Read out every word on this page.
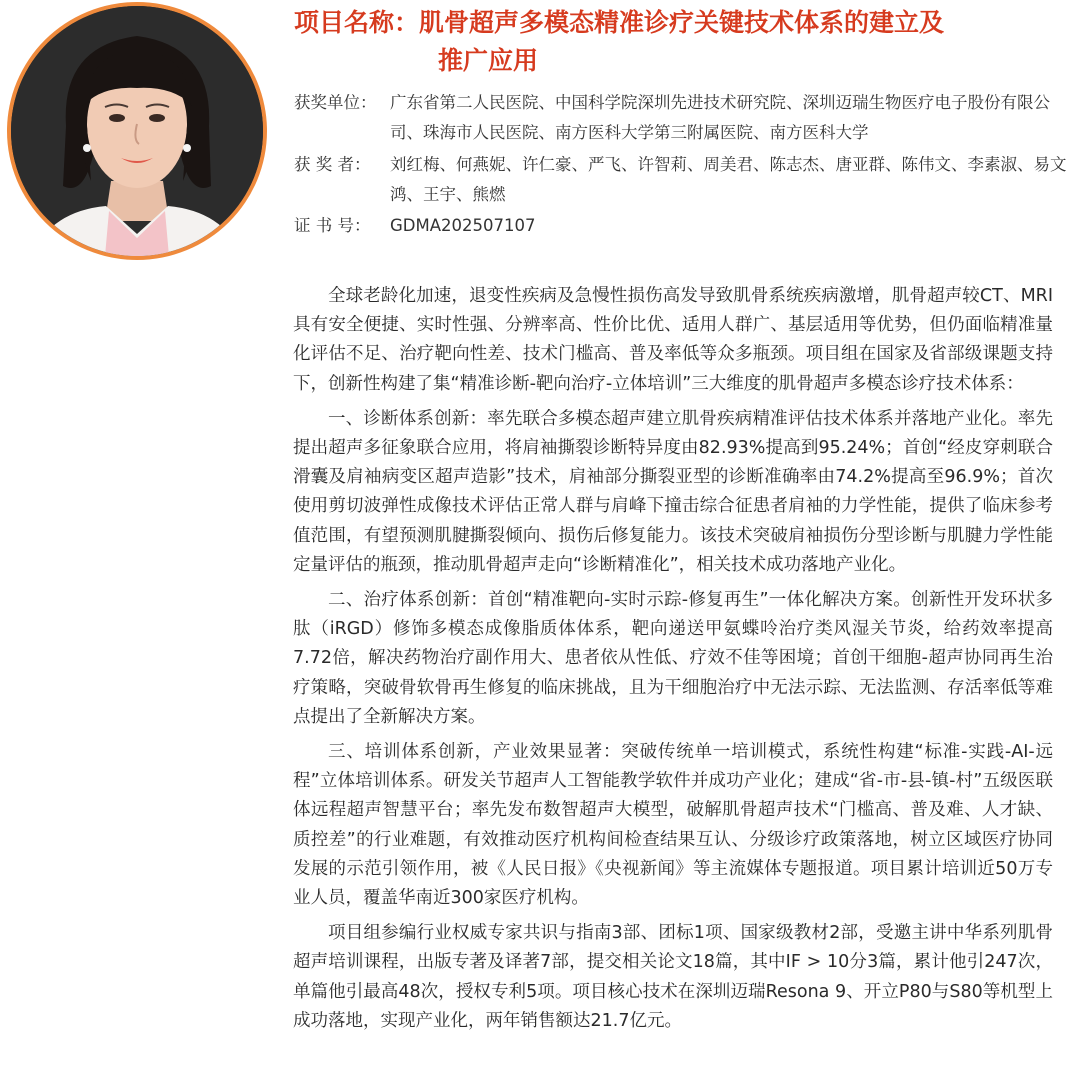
项目名称：肌骨超声多模态精准诊疗关键技术体系的建立及
推广应用
获奖单位： 广东省第二人民医院、中国科学院深圳先进技术研究院、深圳迈瑞生物医疗电子股份有限公司、珠海市人民医院、南方医科大学第三附属医院、南方医科大学
获 奖 者： 刘红梅、何燕妮、许仁豪、严飞、许智莉、周美君、陈志杰、唐亚群、陈伟文、李素淑、易文鸿、王宇、熊燃
证 书 号： GDMA202507107

全球老龄化加速，退变性疾病及急慢性损伤高发导致肌骨系统疾病激增，肌骨超声较CT、MRI具有安全便捷、实时性强、分辨率高、性价比优、适用人群广、基层适用等优势，但仍面临精准量化评估不足、治疗靶向性差、技术门槛高、普及率低等众多瓶颈。项目组在国家及省部级课题支持下，创新性构建了集“精准诊断-靶向治疗-立体培训”三大维度的肌骨超声多模态诊疗技术体系：

一、诊断体系创新：率先联合多模态超声建立肌骨疾病精准评估技术体系并落地产业化。率先提出超声多征象联合应用，将肩袖撕裂诊断特异度由82.93%提高到95.24%；首创“经皮穿刺联合滑囊及肩袖病变区超声造影”技术，肩袖部分撕裂亚型的诊断准确率由74.2%提高至96.9%；首次使用剪切波弹性成像技术评估正常人群与肩峰下撞击综合征患者肩袖的力学性能，提供了临床参考值范围，有望预测肌腱撕裂倾向、损伤后修复能力。该技术突破肩袖损伤分型诊断与肌腱力学性能定量评估的瓶颈，推动肌骨超声走向“诊断精准化”，相关技术成功落地产业化。

二、治疗体系创新：首创“精准靶向-实时示踪-修复再生”一体化解决方案。创新性开发环状多肽（iRGD）修饰多模态成像脂质体体系，靶向递送甲氨蝶呤治疗类风湿关节炎，给药效率提高7.72倍，解决药物治疗副作用大、患者依从性低、疗效不佳等困境；首创干细胞-超声协同再生治疗策略，突破骨软骨再生修复的临床挑战，且为干细胞治疗中无法示踪、无法监测、存活率低等难点提出了全新解决方案。

三、培训体系创新，产业效果显著：突破传统单一培训模式，系统性构建“标准-实践-AI-远程”立体培训体系。研发关节超声人工智能教学软件并成功产业化；建成“省-市-县-镇-村”五级医联体远程超声智慧平台；率先发布数智超声大模型，破解肌骨超声技术“门槛高、普及难、人才缺、质控差”的行业难题，有效推动医疗机构间检查结果互认、分级诊疗政策落地，树立区域医疗协同发展的示范引领作用，被《人民日报》《央视新闻》等主流媒体专题报道。项目累计培训近50万专业人员，覆盖华南近300家医疗机构。

项目组参编行业权威专家共识与指南3部、团标1项、国家级教材2部，受邀主讲中华系列肌骨超声培训课程，出版专著及译著7部，提交相关论文18篇，其中IF > 10分3篇，累计他引247次，单篇他引最高48次，授权专利5项。项目核心技术在深圳迈瑞Resona 9、开立P80与S80等机型上成功落地，实现产业化，两年销售额达21.7亿元。
